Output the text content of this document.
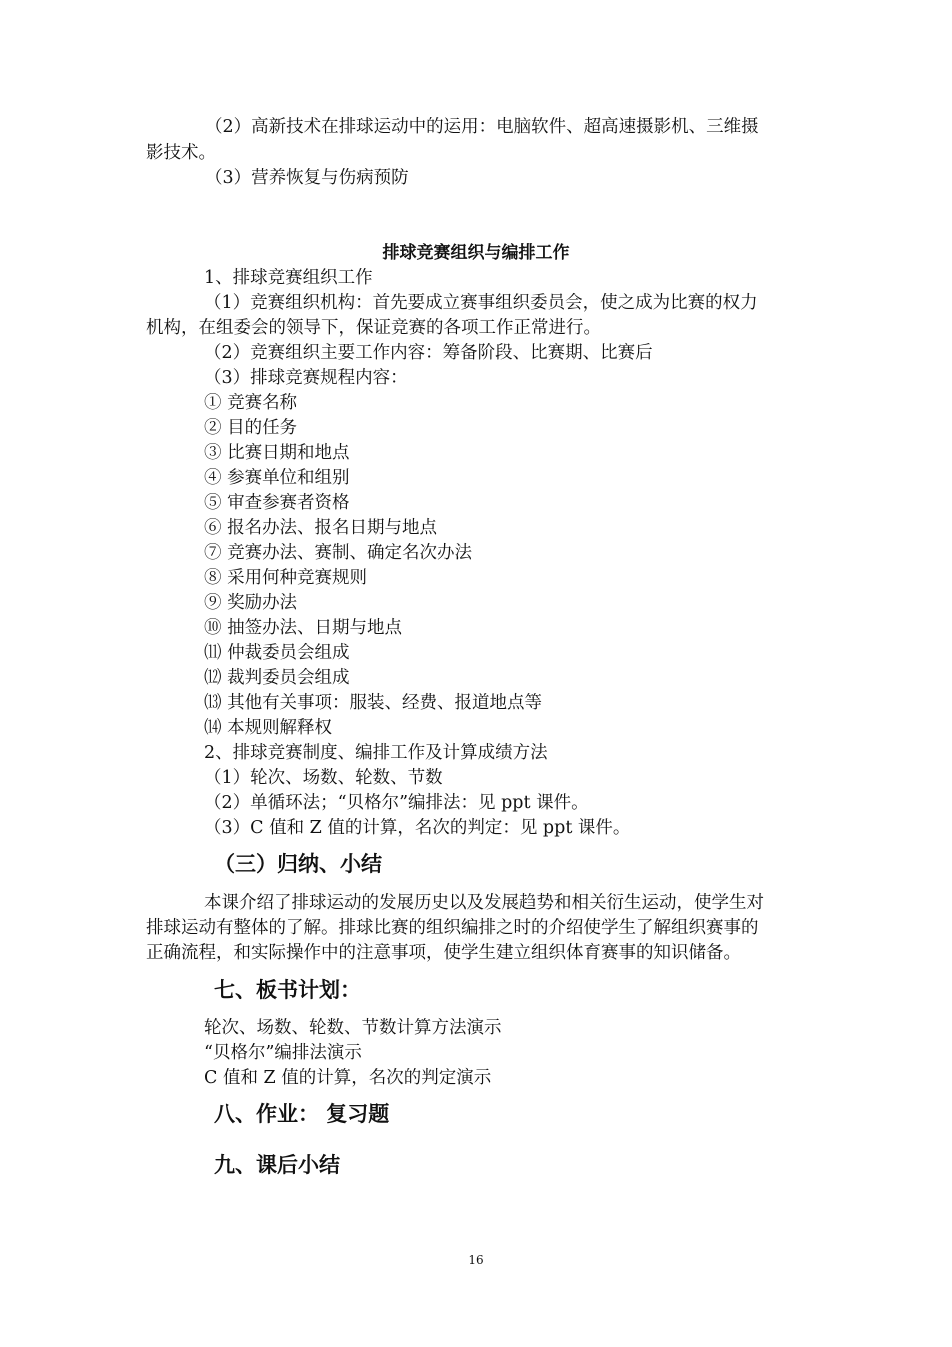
（2）高新技术在排球运动中的运用：电脑软件、超高速摄影机、三维摄
影技术。
（3）营养恢复与伤病预防
排球竞赛组织与编排工作
1、排球竞赛组织工作
（1）竞赛组织机构：首先要成立赛事组织委员会，使之成为比赛的权力
机构，在组委会的领导下，保证竞赛的各项工作正常进行。
（2）竞赛组织主要工作内容：筹备阶段、比赛期、比赛后
（3）排球竞赛规程内容：
① 竞赛名称
② 目的任务
③ 比赛日期和地点
④ 参赛单位和组别
⑤ 审查参赛者资格
⑥ 报名办法、报名日期与地点
⑦ 竞赛办法、赛制、确定名次办法
⑧ 采用何种竞赛规则
⑨ 奖励办法
⑩ 抽签办法、日期与地点
⑾ 仲裁委员会组成
⑿ 裁判委员会组成
⒀ 其他有关事项：服装、经费、报道地点等
⒁ 本规则解释权
2、排球竞赛制度、编排工作及计算成绩方法
（1）轮次、场数、轮数、节数
（2）单循环法；“贝格尔”编排法：见 ppt 课件。
（3）C 值和 Z 值的计算，名次的判定：见 ppt 课件。
（三）归纳、小结
本课介绍了排球运动的发展历史以及发展趋势和相关衍生运动，使学生对
排球运动有整体的了解。排球比赛的组织编排之时的介绍使学生了解组织赛事的
正确流程，和实际操作中的注意事项，使学生建立组织体育赛事的知识储备。
七、板书计划：
轮次、场数、轮数、节数计算方法演示
“贝格尔”编排法演示
C 值和 Z 值的计算，名次的判定演示
八、作业： 复习题
九、课后小结
16
